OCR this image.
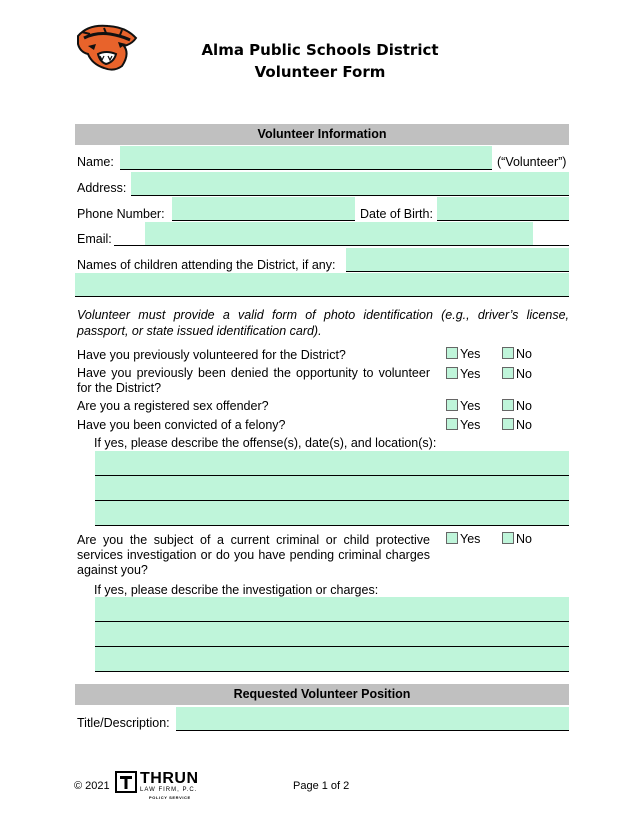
Alma Public Schools District
Volunteer Form
Volunteer Information
Name:	(“Volunteer”)
Address:
Phone Number:	Date of Birth:
Email:
Names of children attending the District, if any:
Volunteer must provide a valid form of photo identification (e.g., driver’s license, passport, or state issued identification card).
Have you previously volunteered for the District?	Yes	No
Have you previously been denied the opportunity to volunteer for the District?
Yes	No
Are you a registered sex offender?	Yes	No
Have you been convicted of a felony?	Yes	No
If yes, please describe the offense(s), date(s), and location(s):
Are you the subject of a current criminal or child protective services investigation or do you have pending criminal charges against you?
Yes	No
If yes, please describe the investigation or charges:
Requested Volunteer Position
Title/Description:
© 2021 THRUN
LAW FIRM, P.C.
POLICY SERVICE
Page 1 of 2
